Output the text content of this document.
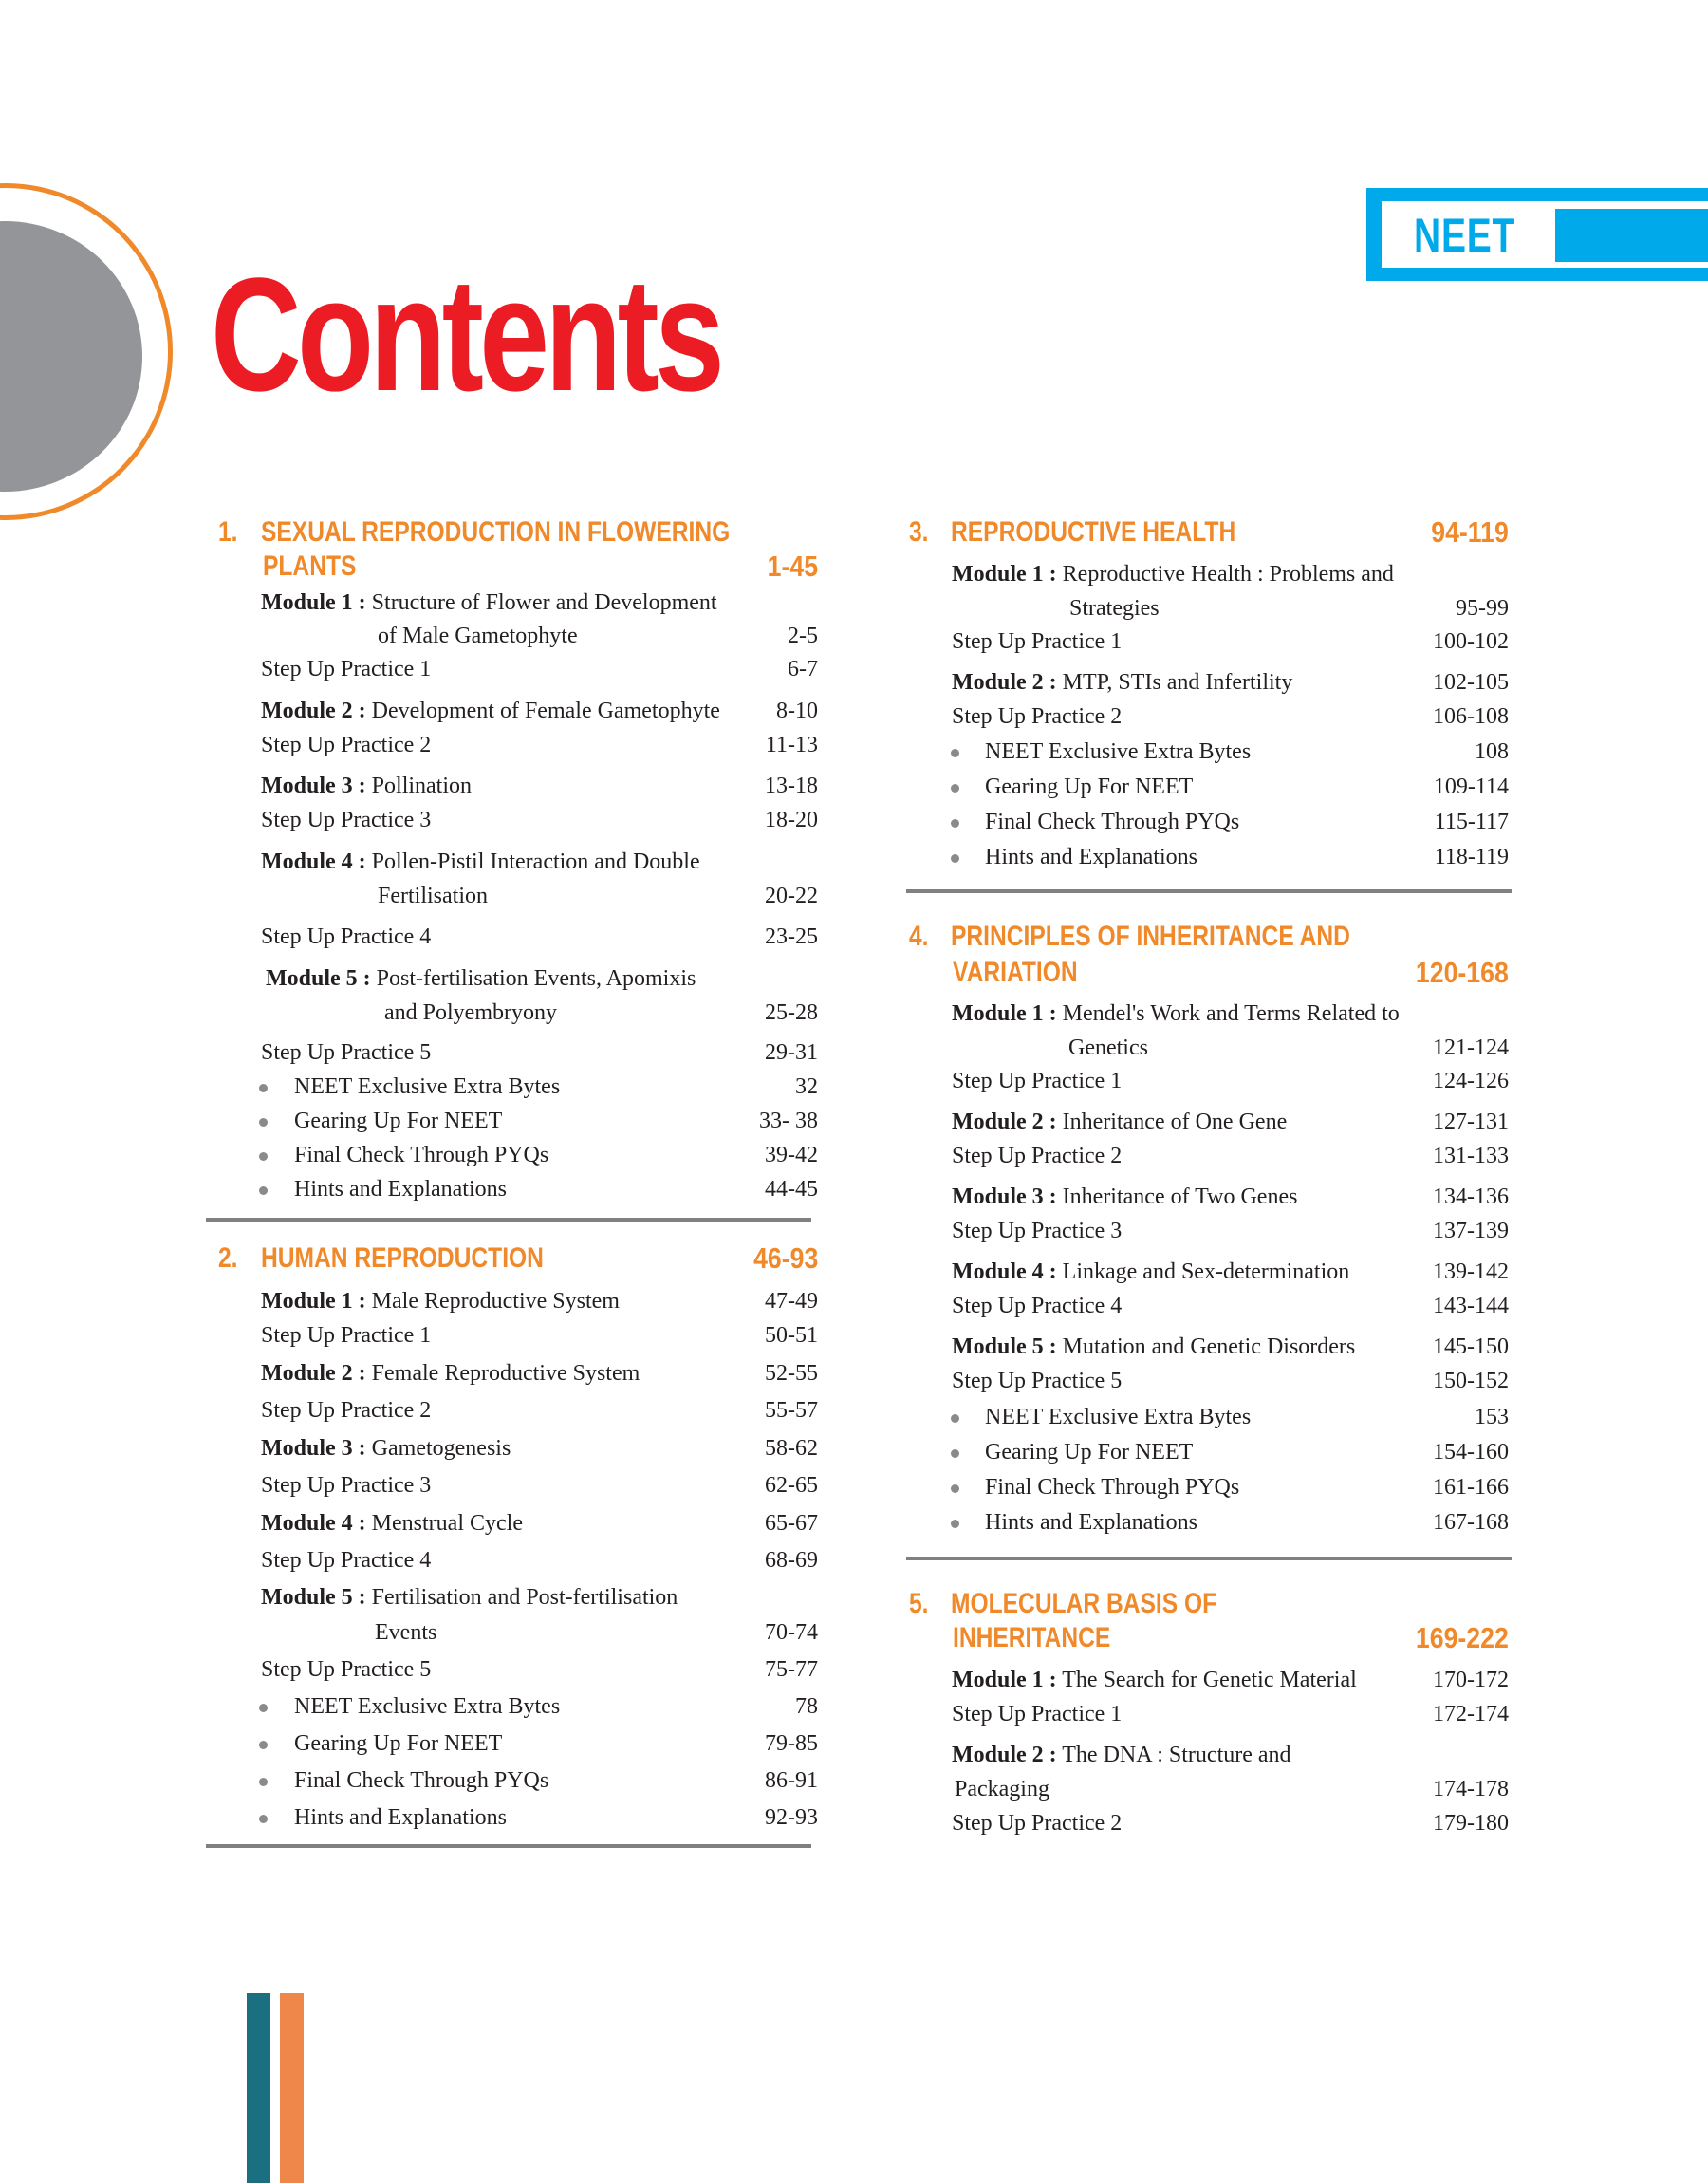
Contents
NEET
1. SEXUAL REPRODUCTION IN FLOWERING
PLANTS	1-45
Module 1 : Structure of Flower and Development
of Male Gametophyte	2-5
Step Up Practice 1	6-7
Module 2 : Development of Female Gametophyte 8-10
Step Up Practice 2	11-13
Module 3 : Pollination	13-18
Step Up Practice 3	18-20
Module 4 : Pollen-Pistil Interaction and Double
Fertilisation	20-22
Step Up Practice 4	23-25
Module 5 : Post-fertilisation Events, Apomixis
and Polyembryony	25-28
Step Up Practice 5	29-31
NEET Exclusive Extra Bytes	32
Gearing Up For NEET	33- 38
Final Check Through PYQs	39-42
Hints and Explanations	44-45
2. HUMAN REPRODUCTION	46-93
Module 1 : Male Reproductive System	47-49
Step Up Practice 1	50-51
Module 2 : Female Reproductive System	52-55
Step Up Practice 2	55-57
Module 3 : Gametogenesis	58-62
Step Up Practice 3	62-65
Module 4 : Menstrual Cycle	65-67
Step Up Practice 4	68-69
Module 5 : Fertilisation and Post-fertilisation
Events	70-74
Step Up Practice 5	75-77
NEET Exclusive Extra Bytes	78
Gearing Up For NEET	79-85
Final Check Through PYQs	86-91
Hints and Explanations	92-93
3. REPRODUCTIVE HEALTH	94-119
Module 1 : Reproductive Health : Problems and
Strategies	95-99
Step Up Practice 1	100-102
Module 2 : MTP, STIs and Infertility	102-105
Step Up Practice 2	106-108
NEET Exclusive Extra Bytes	108
Gearing Up For NEET	109-114
Final Check Through PYQs	115-117
Hints and Explanations	118-119
4. PRINCIPLES OF INHERITANCE AND
VARIATION	120-168
Module 1 : Mendel's Work and Terms Related to
Genetics	121-124
Step Up Practice 1	124-126
Module 2 : Inheritance of One Gene	127-131
Step Up Practice 2	131-133
Module 3 : Inheritance of Two Genes	134-136
Step Up Practice 3	137-139
Module 4 : Linkage and Sex-determination	139-142
Step Up Practice 4	143-144
Module 5 : Mutation and Genetic Disorders	145-150
Step Up Practice 5	150-152
NEET Exclusive Extra Bytes	153
Gearing Up For NEET	154-160
Final Check Through PYQs	161-166
Hints and Explanations	167-168
5. MOLECULAR BASIS OF
INHERITANCE	169-222
Module 1 : The Search for Genetic Material	170-172
Step Up Practice 1	172-174
Module 2 : The DNA : Structure and
Packaging	174-178
Step Up Practice 2	179-180
